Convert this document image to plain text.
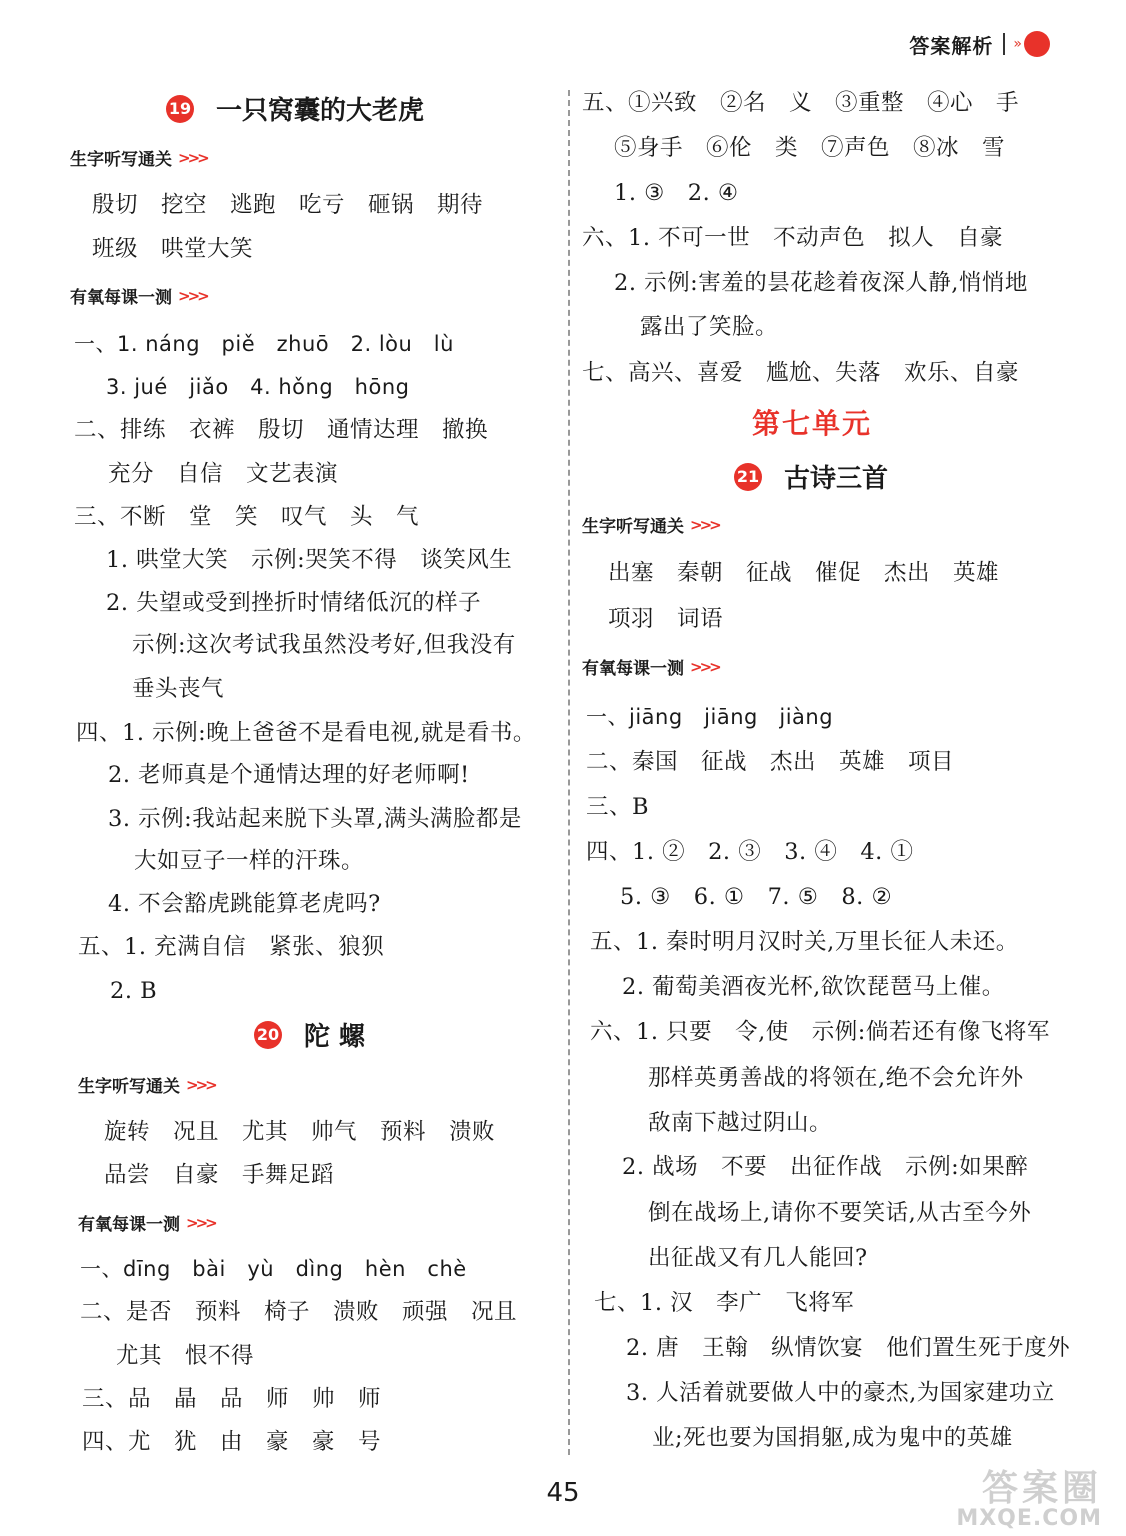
答案解析 »
19 一只窝囊的大老虎
生字听写通关 >>>
殷切　挖空　逃跑　吃亏　砸锅　期待
班级　哄堂大笑
有氧每课一测 >>>
一、1. náng　piě　zhuō　2. lòu　lù
3. jué　jiǎo　4. hǒng　hōng
二、排练　衣裤　殷切　通情达理　撤换
充分　自信　文艺表演
三、不断　堂　笑　叹气　头　气
1. 哄堂大笑　示例:哭笑不得　谈笑风生
2. 失望或受到挫折时情绪低沉的样子
示例:这次考试我虽然没考好,但我没有
垂头丧气
四、1. 示例:晚上爸爸不是看电视,就是看书。
2. 老师真是个通情达理的好老师啊!
3. 示例:我站起来脱下头罩,满头满脸都是
大如豆子一样的汗珠。
4. 不会豁虎跳能算老虎吗?
五、1. 充满自信　紧张、狼狈
2. B
20 陀 螺
生字听写通关 >>>
旋转　况且　尤其　帅气　预料　溃败
品尝　自豪　手舞足蹈
有氧每课一测 >>>
一、dīng　bài　yù　dìng　hèn　chè
二、是否　预料　椅子　溃败　顽强　况且
尤其　恨不得
三、品　晶　品　师　帅　师
四、尤　犹　由　豪　豪　号
五、①兴致　②名　义　③重整　④心　手
⑤身手　⑥伦　类　⑦声色　⑧冰　雪
1. ③　2. ④
六、1. 不可一世　不动声色　拟人　自豪
2. 示例:害羞的昙花趁着夜深人静,悄悄地
露出了笑脸。
七、高兴、喜爱　尴尬、失落　欢乐、自豪
第七单元
21 古诗三首
生字听写通关 >>>
出塞　秦朝　征战　催促　杰出　英雄
项羽　词语
有氧每课一测 >>>
一、jiāng　jiāng　jiàng
二、秦国　征战　杰出　英雄　项目
三、B
四、1. ②　2. ③　3. ④　4. ①
5. ③　6. ①　7. ⑤　8. ②
五、1. 秦时明月汉时关,万里长征人未还。
2. 葡萄美酒夜光杯,欲饮琵琶马上催。
六、1. 只要　令,使　示例:倘若还有像飞将军
那样英勇善战的将领在,绝不会允许外
敌南下越过阴山。
2. 战场　不要　出征作战　示例:如果醉
倒在战场上,请你不要笑话,从古至今外
出征战又有几人能回?
七、1. 汉　李广　飞将军
2. 唐　王翰　纵情饮宴　他们置生死于度外
3. 人活着就要做人中的豪杰,为国家建功立
业;死也要为国捐躯,成为鬼中的英雄
45	答案圈
MXQE.COM
